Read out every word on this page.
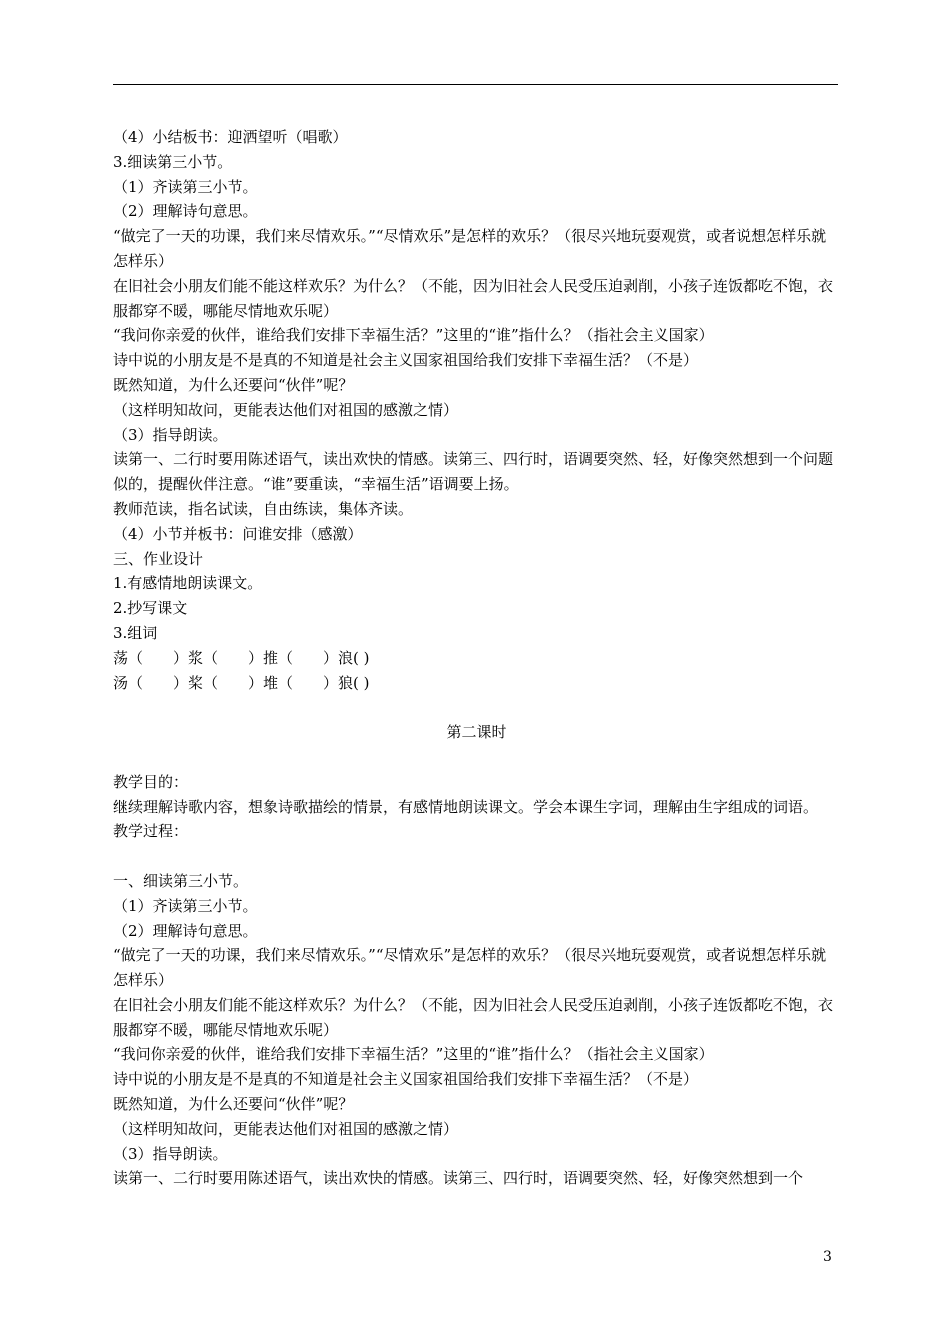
（4）小结板书：迎洒望听（唱歌）
3.细读第三小节。
（1）齐读第三小节。
（2）理解诗句意思。
“做完了一天的功课，我们来尽情欢乐。”“尽情欢乐”是怎样的欢乐？（很尽兴地玩耍观赏，或者说想怎样乐就怎样乐）
在旧社会小朋友们能不能这样欢乐？为什么？（不能，因为旧社会人民受压迫剥削，小孩子连饭都吃不饱，衣服都穿不暖，哪能尽情地欢乐呢）
“我问你亲爱的伙伴，谁给我们安排下幸福生活？”这里的“谁”指什么？（指社会主义国家）
诗中说的小朋友是不是真的不知道是社会主义国家祖国给我们安排下幸福生活？（不是）
既然知道，为什么还要问“伙伴”呢？
（这样明知故问，更能表达他们对祖国的感激之情）
（3）指导朗读。
读第一、二行时要用陈述语气，读出欢快的情感。读第三、四行时，语调要突然、轻，好像突然想到一个问题似的，提醒伙伴注意。“谁”要重读，“幸福生活”语调要上扬。
教师范读，指名试读，自由练读，集体齐读。
（4）小节并板书：问谁安排（感激）
三、作业设计
1.有感情地朗读课文。
2.抄写课文
3.组词
荡（　　）浆（　　）推（　　）浪( )
汤（　　）桨（　　）堆（　　）狼( )
第二课时
教学目的：
继续理解诗歌内容，想象诗歌描绘的情景，有感情地朗读课文。学会本课生字词，理解由生字组成的词语。
教学过程：
一、细读第三小节。
（1）齐读第三小节。
（2）理解诗句意思。
“做完了一天的功课，我们来尽情欢乐。”“尽情欢乐”是怎样的欢乐？（很尽兴地玩耍观赏，或者说想怎样乐就怎样乐）
在旧社会小朋友们能不能这样欢乐？为什么？（不能，因为旧社会人民受压迫剥削，小孩子连饭都吃不饱，衣服都穿不暖，哪能尽情地欢乐呢）
“我问你亲爱的伙伴，谁给我们安排下幸福生活？”这里的“谁”指什么？（指社会主义国家）
诗中说的小朋友是不是真的不知道是社会主义国家祖国给我们安排下幸福生活？（不是）
既然知道，为什么还要问“伙伴”呢？
（这样明知故问，更能表达他们对祖国的感激之情）
（3）指导朗读。
读第一、二行时要用陈述语气，读出欢快的情感。读第三、四行时，语调要突然、轻，好像突然想到一个
3
